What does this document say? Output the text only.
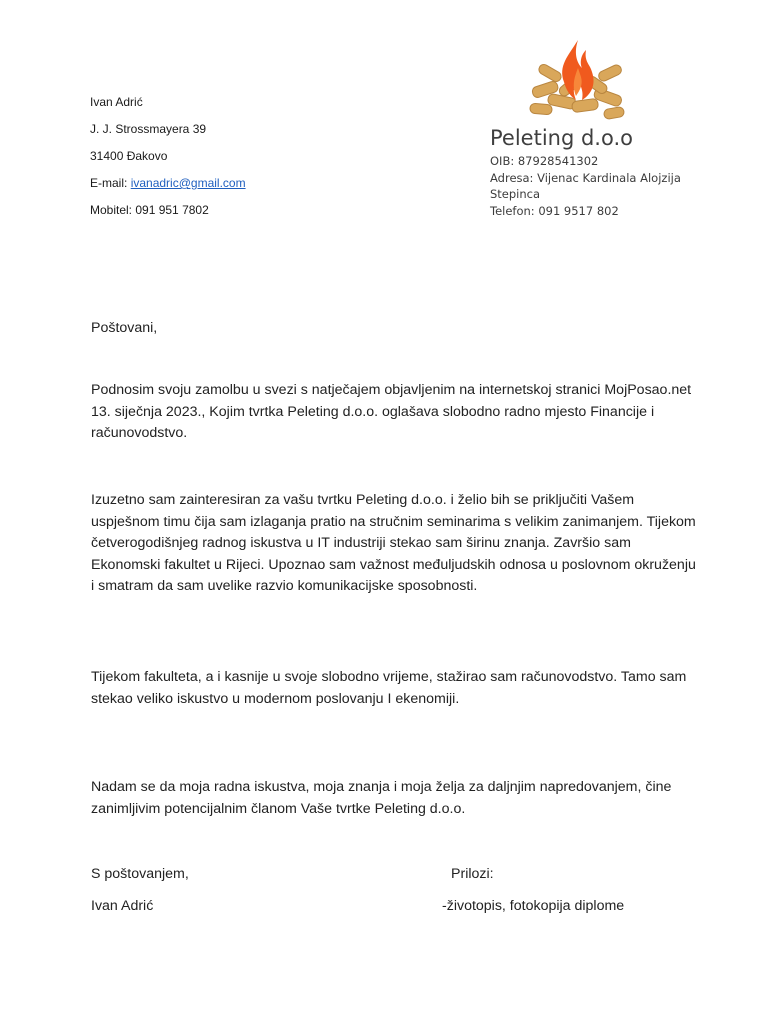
Ivan Adrić
J. J. Strossmayera 39
31400 Đakovo
E-mail: ivanadric@gmail.com
Mobitel: 091 951 7802
Peleting d.o.o
OIB: 87928541302
Adresa: Vijenac Kardinala Alojzija
Stepinca
Telefon: 091 9517 802
Poštovani,
Podnosim svoju zamolbu u svezi s natječajem objavljenim na internetskoj stranici MojPosao.net 13. siječnja 2023., Kojim tvrtka Peleting d.o.o. oglašava slobodno radno mjesto Financije i računovodstvo.
Izuzetno sam zainteresiran za vašu tvrtku Peleting d.o.o. i želio bih se priključiti Vašem uspješnom timu čija sam izlaganja pratio na stručnim seminarima s velikim zanimanjem. Tijekom četverogodišnjeg radnog iskustva u IT industriji stekao sam širinu znanja. Završio sam Ekonomski fakultet u Rijeci. Upoznao sam važnost međuljudskih odnosa u poslovnom okruženju i smatram da sam uvelike razvio komunikacijske sposobnosti.
Tijekom fakulteta, a i kasnije u svoje slobodno vrijeme, stažirao sam računovodstvo. Tamo sam stekao veliko iskustvo u modernom poslovanju I ekenomiji.
Nadam se da moja radna iskustva, moja znanja i moja želja za daljnjim napredovanjem, čine zanimljivim potencijalnim članom Vaše tvrtke Peleting d.o.o.
S poštovanjem,
Ivan Adrić
Prilozi:
-životopis, fotokopija diplome
